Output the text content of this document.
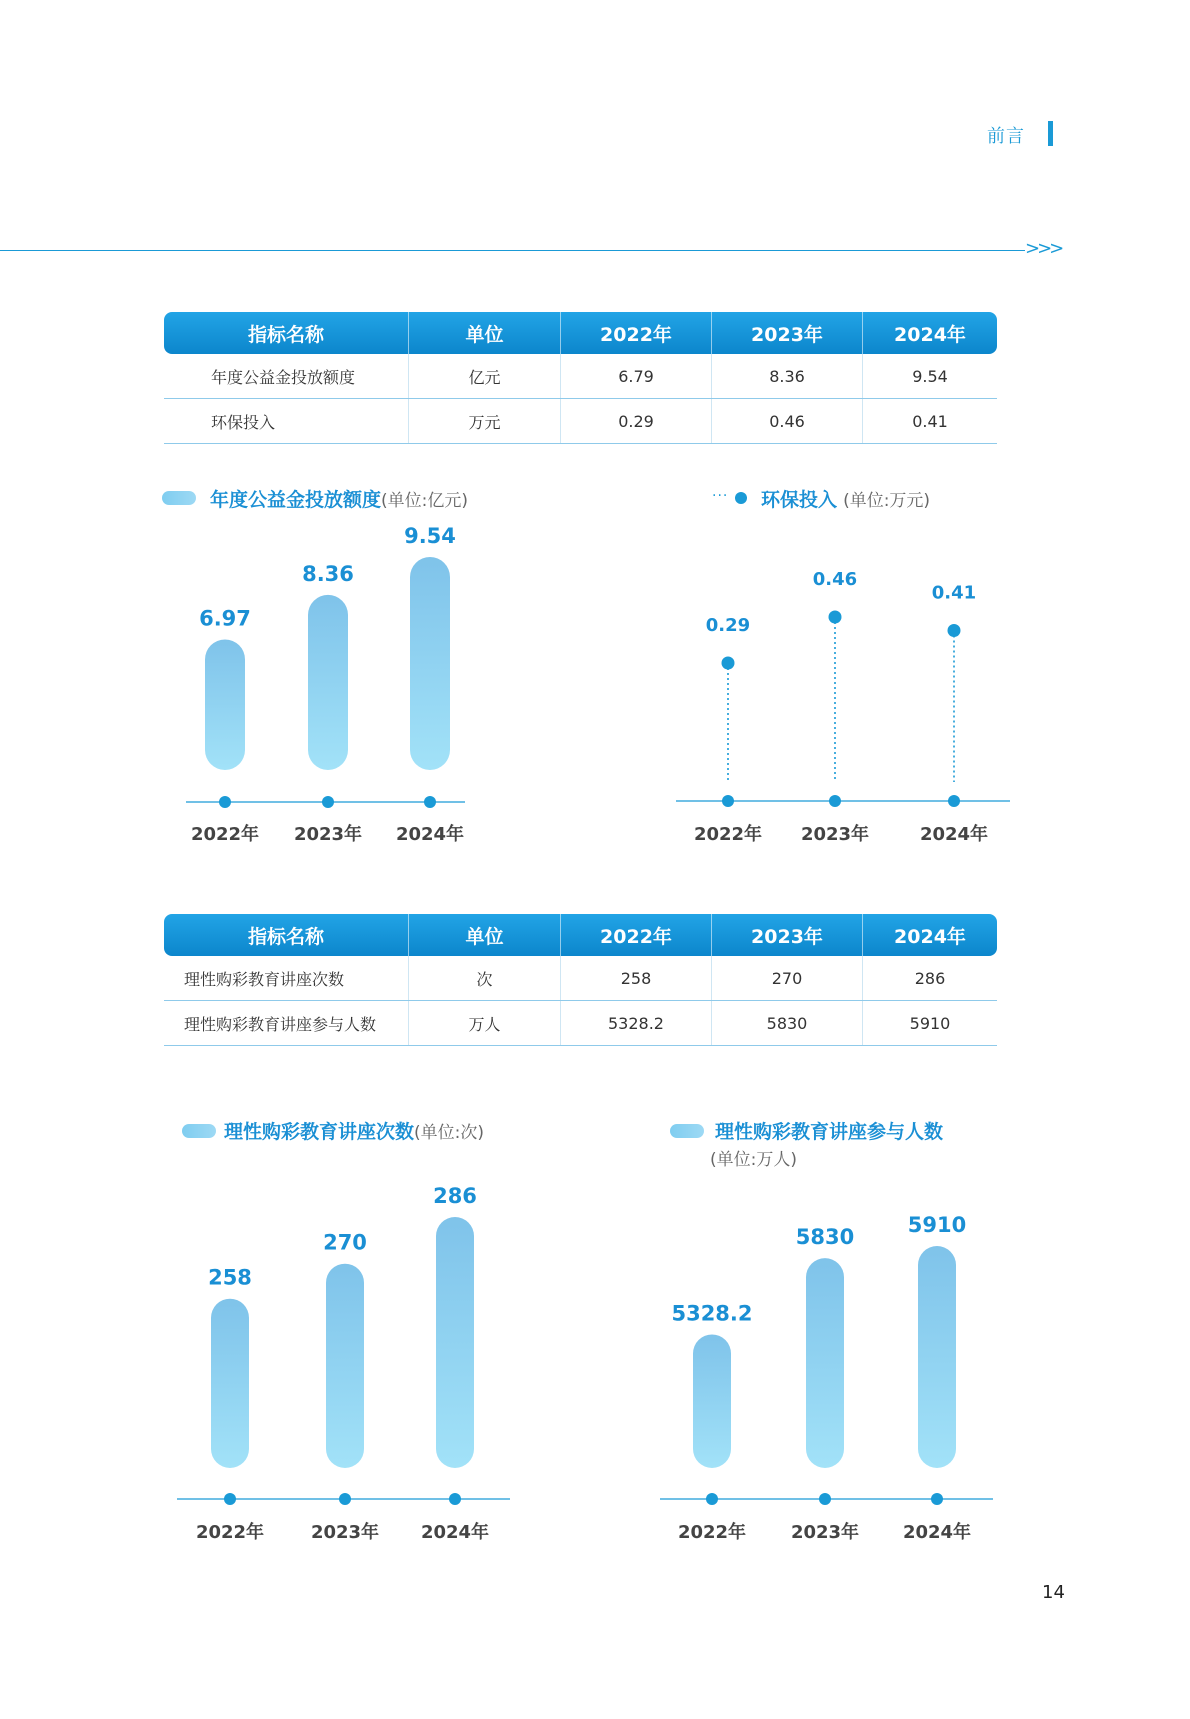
前言
>>>
指标名称	单位	2022年	2023年	2024年
年度公益金投放额度	亿元	6.79	8.36	9.54
环保投入	万元	0.29	0.46	0.41
年度公益金投放额度(单位:亿元)	··· 环保投入 (单位:万元)
6.97
2022年
8.36
2023年
9.54
2024年
0.29
2022年
0.46
2023年
0.41
2024年
258
2022年
270
2023年
286
2024年
5328.2
2022年
5830
2023年
5910
2024年
指标名称	单位	2022年	2023年	2024年
理性购彩教育讲座次数	次	258	270	286
理性购彩教育讲座参与人数	万人	5328.2	5830	5910
理性购彩教育讲座次数(单位:次)	理性购彩教育讲座参与人数
(单位:万人)
14
